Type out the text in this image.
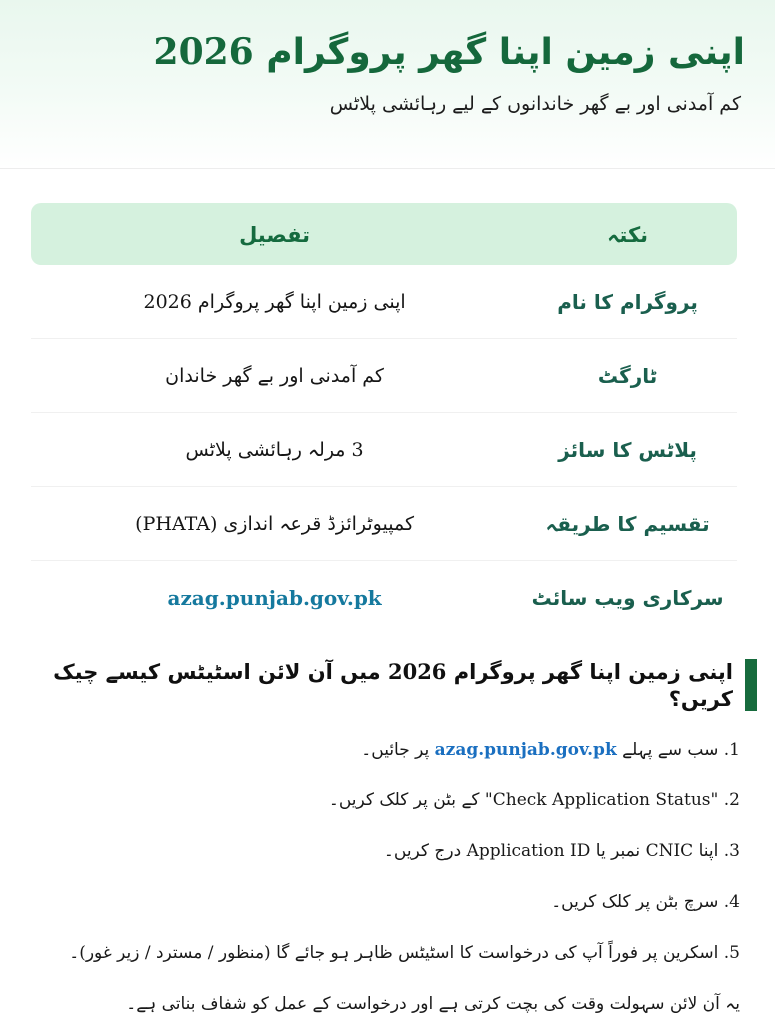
اپنی زمین اپنا گھر پروگرام 2026

کم آمدنی اور بے گھر خاندانوں کے لیے رہائشی پلاٹس

نکتہ
تفصیل
پروگرام کا نام
اپنی زمین اپنا گھر پروگرام 2026
ٹارگٹ
کم آمدنی اور بے گھر خاندان
پلاٹس کا سائز
3 مرلہ رہائشی پلاٹس
تقسیم کا طریقہ
کمپیوٹرائزڈ قرعہ اندازی (PHATA)
سرکاری ویب سائٹ
azag.punjab.gov.pk
اپنی زمین اپنا گھر پروگرام 2026 میں آن لائن اسٹیٹس کیسے چیک کریں؟
1. سب سے پہلے azag.punjab.gov.pk پر جائیں۔
2. "Check Application Status" کے بٹن پر کلک کریں۔
3. اپنا CNIC نمبر یا Application ID درج کریں۔
4. سرچ بٹن پر کلک کریں۔
5. اسکرین پر فوراً آپ کی درخواست کا اسٹیٹس ظاہر ہو جائے گا (منظور / مسترد / زیر غور)۔

یہ آن لائن سہولت وقت کی بچت کرتی ہے اور درخواست کے عمل کو شفاف بناتی ہے۔
